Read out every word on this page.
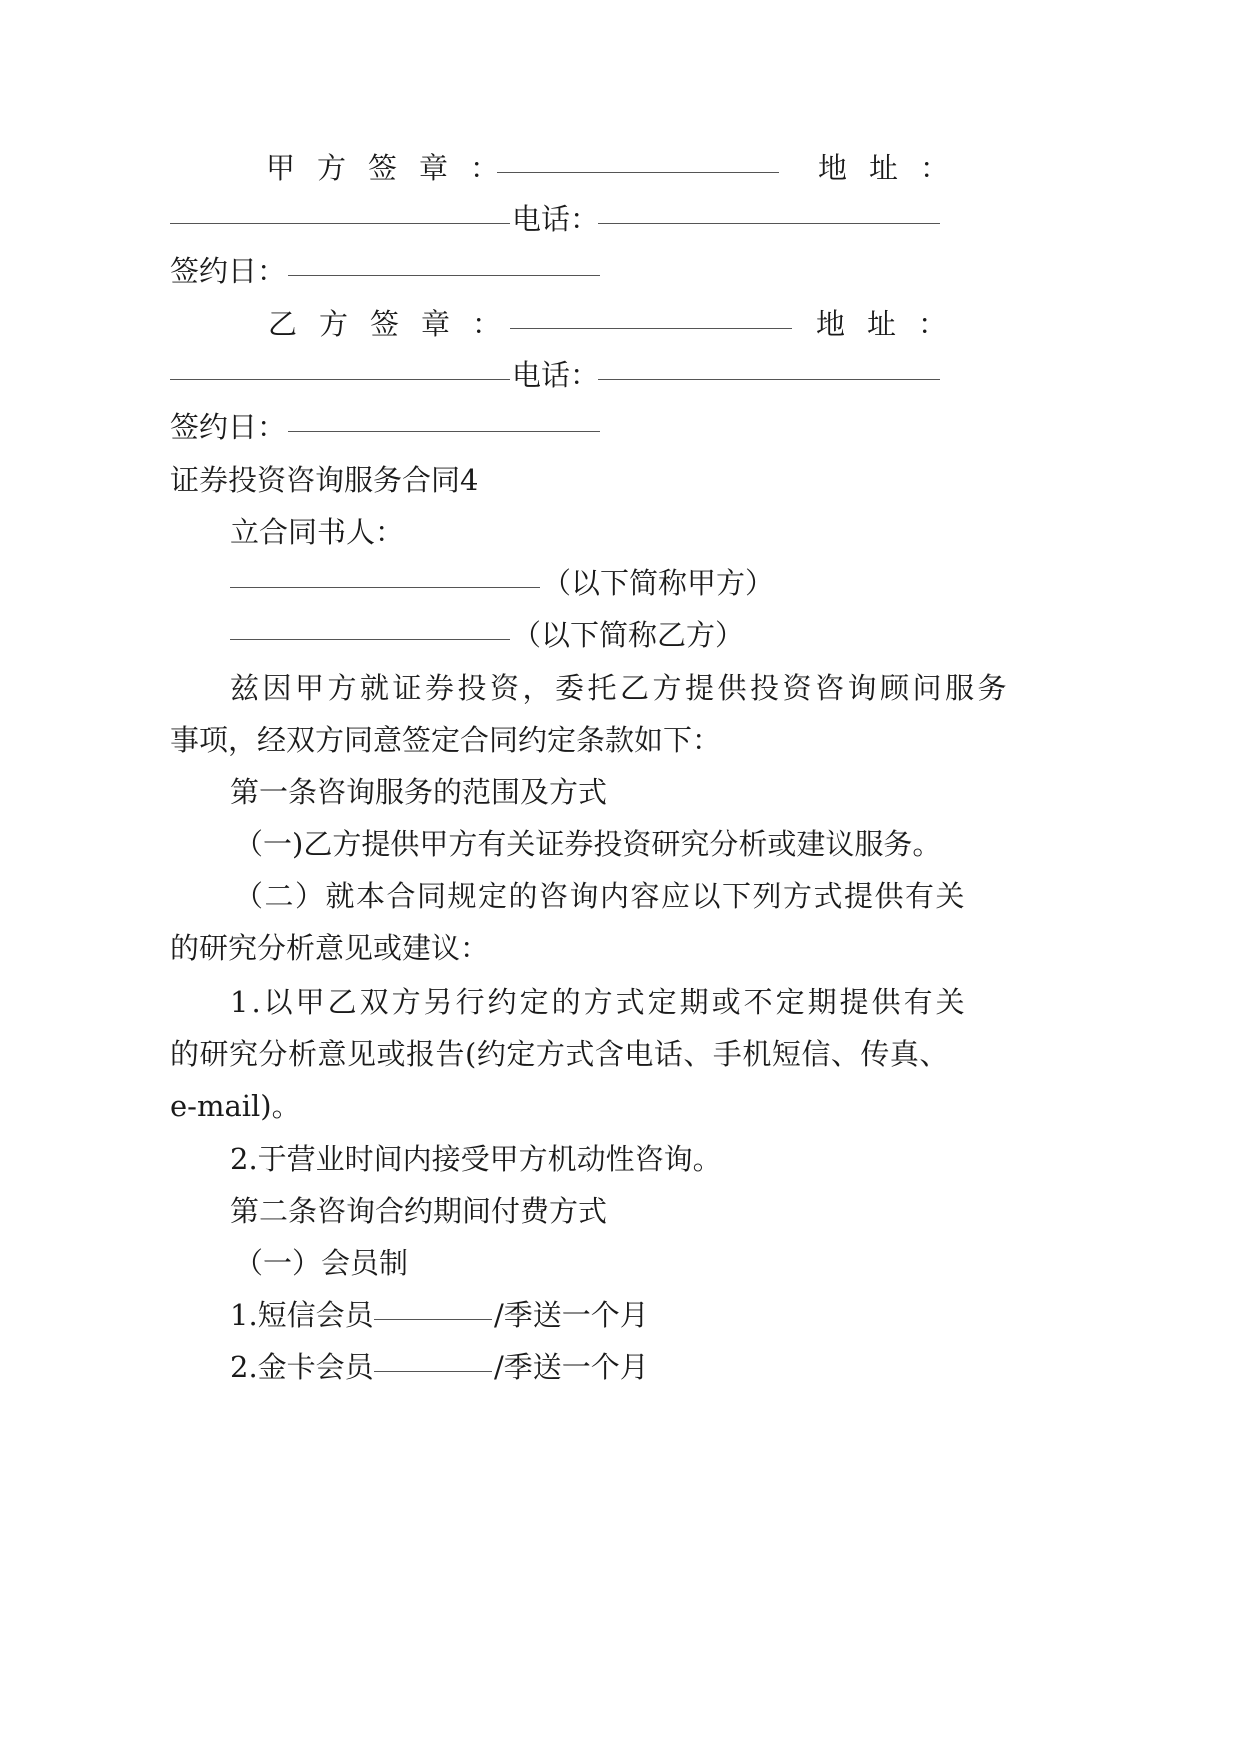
甲方签章：	地址：
电话：
签约日：
乙方签章：	地址：
电话：
签约日：
证券投资咨询服务合同4
立合同书人：
（以下简称甲方）
（以下简称乙方）
兹因甲方就证券投资，委托乙方提供投资咨询顾问服务
事项，经双方同意签定合同约定条款如下：
第一条咨询服务的范围及方式
（一)乙方提供甲方有关证券投资研究分析或建议服务。
（二）就本合同规定的咨询内容应以下列方式提供有关
的研究分析意见或建议：
1.以甲乙双方另行约定的方式定期或不定期提供有关
的研究分析意见或报告(约定方式含电话、手机短信、传真、
e-mail)。
2.于营业时间内接受甲方机动性咨询。
第二条咨询合约期间付费方式
（一）会员制
1.短信会员	/季送一个月
2.金卡会员	/季送一个月
